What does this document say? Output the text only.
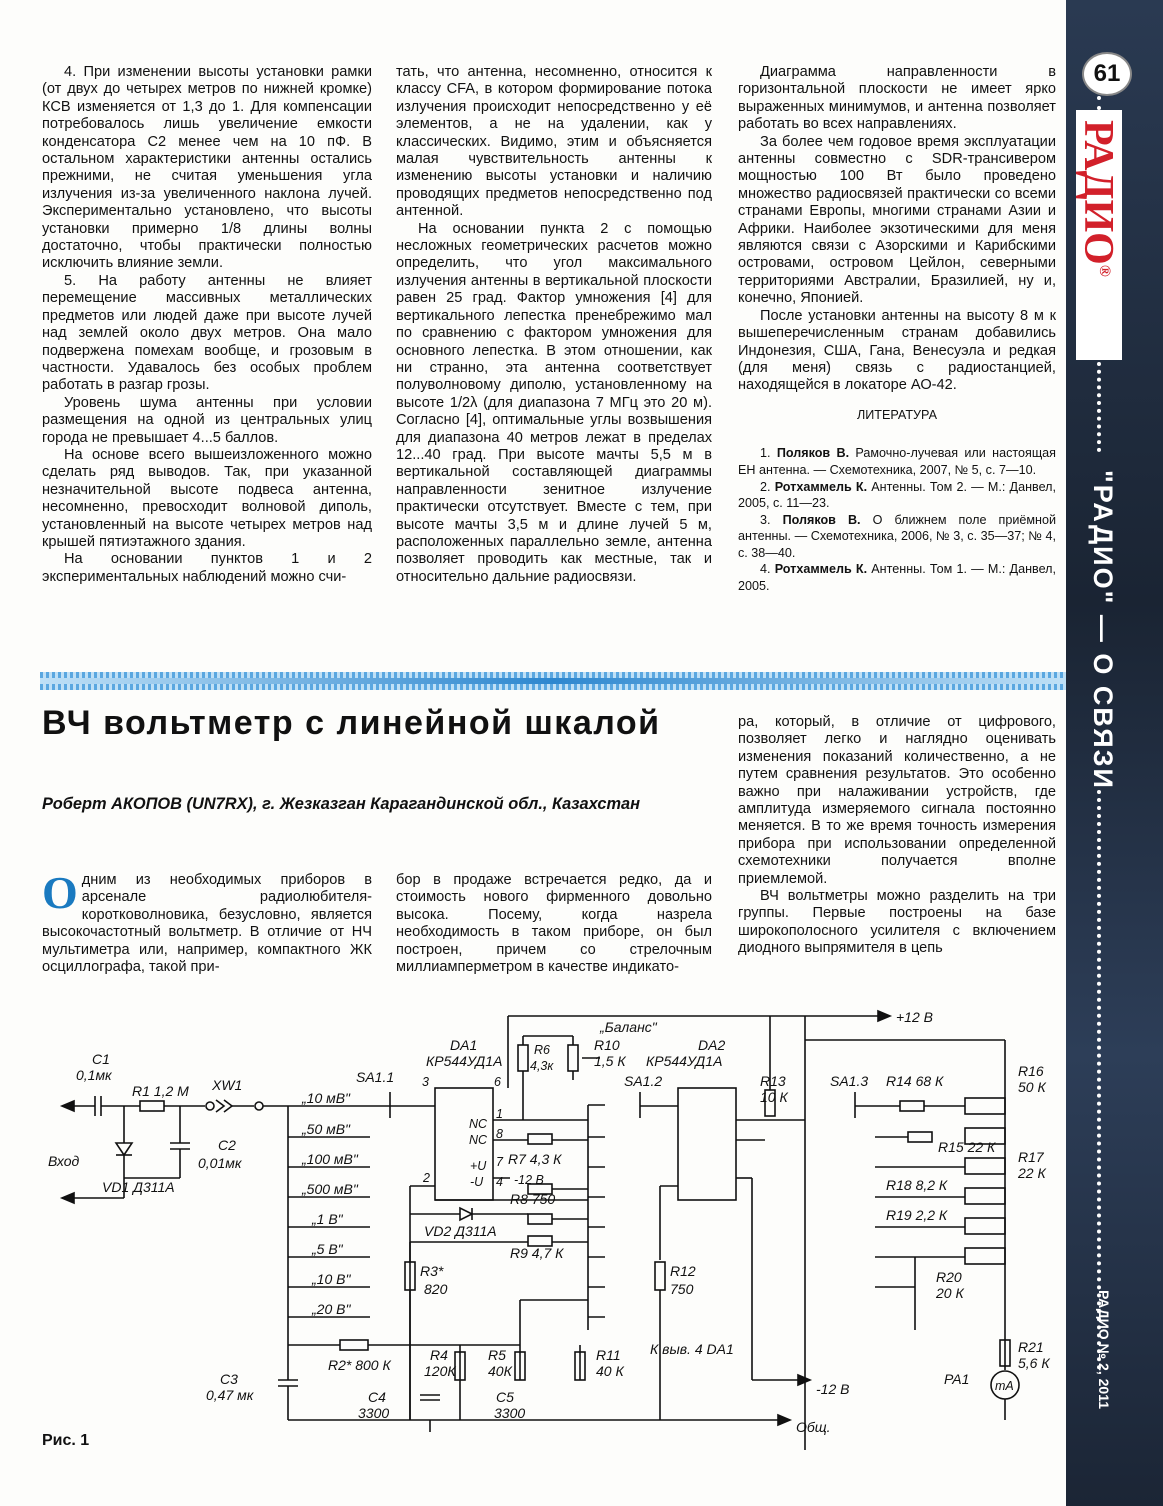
4. При изменении высоты установки рамки (от двух до четырех метров по нижней кромке) КСВ изменяется от 1,3 до 1. Для компенсации потребовалось лишь увеличение емкости конденсатора С2 менее чем на 10 пФ. В остальном характеристики антенны остались прежними, не считая уменьшения угла излучения из-за увеличенного наклона лучей. Экспериментально установлено, что высоты установки примерно 1/8 длины волны достаточно, чтобы практически полностью исключить влияние земли.

5. На работу антенны не влияет перемещение массивных металлических предметов или людей даже при высоте лучей над землей около двух метров. Она мало подвержена помехам вообще, и грозовым в частности. Удавалось без особых проблем работать в разгар грозы.

Уровень шума антенны при условии размещения на одной из центральных улиц города не превышает 4...5 баллов.

На основе всего вышеизложенного можно сделать ряд выводов. Так, при указанной незначительной высоте подвеса антенна, несомненно, превосходит волновой диполь, установленный на высоте четырех метров над крышей пятиэтажного здания.

На основании пунктов 1 и 2 экспериментальных наблюдений можно счи-

тать, что антенна, несомненно, относится к классу CFA, в котором формирование потока излучения происходит непосредственно у её элементов, а не на удалении, как у классических. Видимо, этим и объясняется малая чувствительность антенны к изменению высоты установки и наличию проводящих предметов непосредственно под антенной.

На основании пункта 2 с помощью несложных геометрических расчетов можно определить, что угол максимального излучения антенны в вертикальной плоскости равен 25 град. Фактор умножения [4] для вертикального лепестка пренебрежимо мал по сравнению с фактором умножения для основного лепестка. В этом отношении, как ни странно, эта антенна соответствует полуволновому диполю, установленному на высоте 1/2λ (для диапазона 7 МГц это 20 м). Согласно [4], оптимальные углы возвышения для диапазона 40 метров лежат в пределах 12...40 град. При высоте мачты 5,5 м в вертикальной составляющей диаграммы направленности зенитное излучение практически отсутствует. Вместе с тем, при высоте мачты 3,5 м и длине лучей 5 м, расположенных параллельно земле, антенна позволяет проводить как местные, так и относительно дальние радиосвязи.

Диаграмма направленности в горизонтальной плоскости не имеет ярко выраженных минимумов, и антенна позволяет работать во всех направлениях.

За более чем годовое время эксплуатации антенны совместно с SDR-трансивером мощностью 100 Вт было проведено множество радиосвязей практически со всеми странами Европы, многими странами Азии и Африки. Наиболее экзотическими для меня являются связи с Азорскими и Карибскими островами, островом Цейлон, северными территориями Австралии, Бразилией, ну и, конечно, Японией.

После установки антенны на высоту 8 м к вышеперечисленным странам добавились Индонезия, США, Гана, Венесуэла и редкая (для меня) связь с радиостанцией, находящейся в локаторе АО-42.

ЛИТЕРАТУРА

1. Поляков В. Рамочно-лучевая или настоящая EH антенна. — Схемотехника, 2007, № 5, с. 7—10.

2. Ротхаммель К. Антенны. Том 2. — М.: Данвел, 2005, с. 11—23.

3. Поляков В. О ближнем поле приёмной антенны. — Схемотехника, 2006, № 3, с. 35—37; № 4, с. 38—40.

4. Ротхаммель К. Антенны. Том 1. — М.: Данвел, 2005.

ВЧ вольтметр с линейной шкалой
Роберт АКОПОВ (UN7RX), г. Жезказган Карагандинской обл., Казахстан

Одним из необходимых приборов в арсенале радиолюбителя-коротковолновика, безусловно, является высокочастотный вольтметр. В отличие от НЧ мультиметра или, например, компактного ЖК осциллографа, такой при-

бор в продаже встречается редко, да и стоимость нового фирменного довольно высока. Посему, когда назрела необходимость в таком приборе, он был построен, причем со стрелочным миллиамперметром в качестве индикато-

ра, который, в отличие от цифрового, позволяет легко и наглядно оценивать изменения показаний количественно, а не путем сравнения результатов. Это особенно важно при налаживании устройств, где амплитуда измеряемого сигнала постоянно меняется. В то же время точность измерения прибора при использовании определенной схемотехники получается вполне приемлемой.

ВЧ вольтметры можно разделить на три группы. Первые построены на базе широкополосного усилителя с включением диодного выпрямителя в цепь

C1
0,1мк
R1 1,2 М XW1
C2
0,01мк
Вход
VD1 Д311А
SA1.1	SA1.2	SA1.3
„10 мВ"
„50 мВ"
„100 мВ"
„500 мВ"
„1 В"
„5 В"
„10 В"
„20 В"
DA1
КР544УД1А
DA2
КР544УД1А
R6
4,3к
R10
1,5 К
„Баланс"
+12 В
-12 В
R7 4,3 К
R8 750
VD2 Д311А
R9 4,7 К
R3*
820
R12
750
R13
10 К
R14 68 К
R15 22 К
R16
50 К
R17
22 К
R18 8,2 К
R19 2,2 К
R20
20 К
R21
5,6 К
PA1 mA
R2* 800 К
R4
120К
R5
40К
R11
40 К
C3
0,47 мк	C4
3300
C5
3300
К выв. 4 DA1
-12 В
Общ.
3
2
6
1
8
7
4
NC
NC
+U
-U
Рис. 1
61
РАДИО®
"РАДИО" — О СВЯЗИ
РАДИО № 2, 2011
